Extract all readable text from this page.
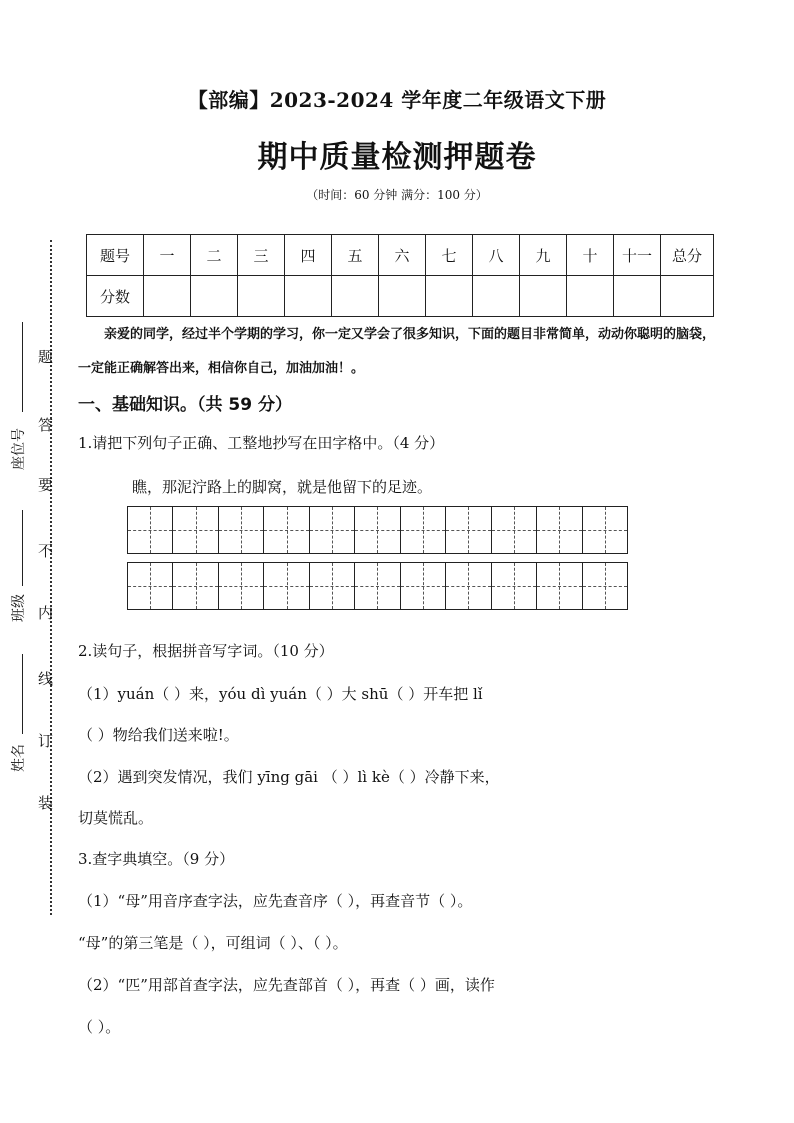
【部编】2023-2024 学年度二年级语文下册
期中质量检测押题卷
（时间：60 分钟 满分：100 分）
题号	一	二	三	四	五	六	七	八	九	十	十一	总分
分数												
亲爱的同学，经过半个学期的学习，你一定又学会了很多知识，下面的题目非常简单，动动你聪明的脑袋，一定能正确解答出来，相信你自己，加油加油！。
一、基础知识。（共 59 分）
1.请把下列句子正确、工整地抄写在田字格中。（4 分）
瞧，那泥泞路上的脚窝，就是他留下的足迹。
2.读句子，根据拼音写字词。（10 分）
（1）yuán（ ）来，yóu dì yuán（ ）大 shū（ ）开车把 lǐ
（ ）物给我们送来啦!。
（2）遇到突发情况，我们 yīng gāi （ ）lì kè（ ）冷静下来，
切莫慌乱。
3.查字典填空。（9 分）
（1）“母”用音序查字法，应先查音序（ ），再查音节（ ）。
“母”的第三笔是（ ），可组词（ ）、（ ）。
（2）“匹”用部首查字法，应先查部首（ ），再查（ ）画，读作
（ ）。
题
答
要
不
内
线
订
装
座位号
班级
姓名
